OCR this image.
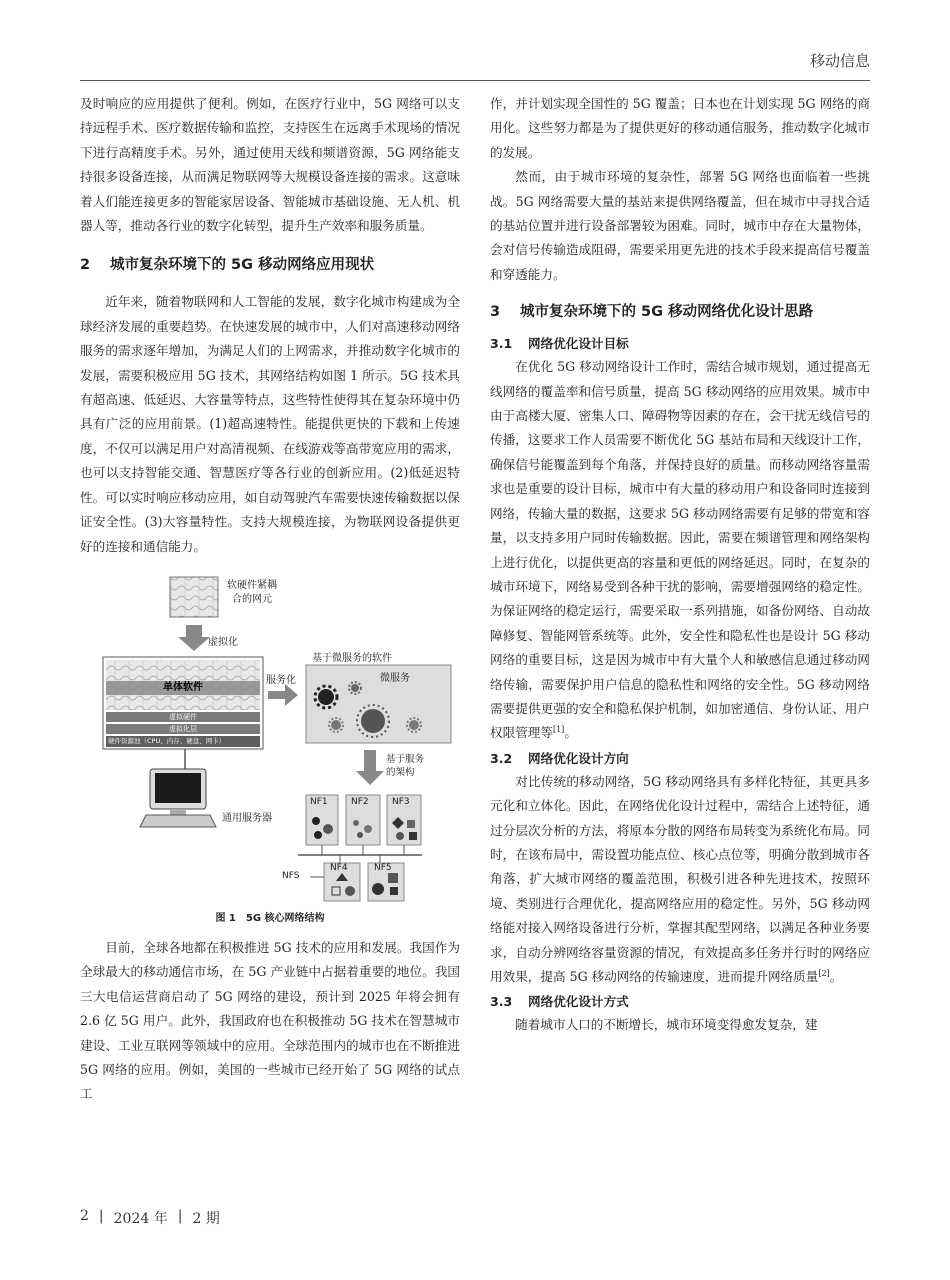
移动信息

及时响应的应用提供了便利。例如，在医疗行业中，5G 网络可以支持远程手术、医疗数据传输和监控，支持医生在远离手术现场的情况下进行高精度手术。另外，通过使用天线和频谱资源，5G 网络能支持很多设备连接，从而满足物联网等大规模设备连接的需求。这意味着人们能连接更多的智能家居设备、智能城市基础设施、无人机、机器人等，推动各行业的数字化转型，提升生产效率和服务质量。

2	城市复杂环境下的 5G 移动网络应用现状

近年来，随着物联网和人工智能的发展，数字化城市构建成为全球经济发展的重要趋势。在快速发展的城市中，人们对高速移动网络服务的需求逐年增加，为满足人们的上网需求，并推动数字化城市的发展，需要积极应用 5G 技术，其网络结构如图 1 所示。5G 技术具有超高速、低延迟、大容量等特点，这些特性使得其在复杂环境中仍具有广泛的应用前景。(1)超高速特性。能提供更快的下载和上传速度，不仅可以满足用户对高清视频、在线游戏等高带宽应用的需求，也可以支持智能交通、智慧医疗等各行业的创新应用。(2)低延迟特性。可以实时响应移动应用，如自动驾驶汽车需要快速传输数据以保证安全性。(3)大容量特性。支持大规模连接，为物联网设备提供更好的连接和通信能力。

软硬件紧耦
合的网元
虚拟化
单体软件
虚拟硬件
虚拟化层
硬件资源池（CPU、内存、硬盘、网卡）
通用服务器
服务化
基于微服务的软件
微服务
基于服务
的架构
NF1	NF2	NF3
NF4	NF5
NFS
图 1　5G 核心网络结构

目前，全球各地都在积极推进 5G 技术的应用和发展。我国作为全球最大的移动通信市场，在 5G 产业链中占据着重要的地位。我国三大电信运营商启动了 5G 网络的建设，预计到 2025 年将会拥有 2.6 亿 5G 用户。此外，我国政府也在积极推动 5G 技术在智慧城市建设、工业互联网等领域中的应用。全球范围内的城市也在不断推进 5G 网络的应用。例如，美国的一些城市已经开始了 5G 网络的试点工

作，并计划实现全国性的 5G 覆盖；日本也在计划实现 5G 网络的商用化。这些努力都是为了提供更好的移动通信服务，推动数字化城市的发展。

然而，由于城市环境的复杂性，部署 5G 网络也面临着一些挑战。5G 网络需要大量的基站来提供网络覆盖，但在城市中寻找合适的基站位置并进行设备部署较为困难。同时，城市中存在大量物体，会对信号传输造成阻碍，需要采用更先进的技术手段来提高信号覆盖和穿透能力。

3	城市复杂环境下的 5G 移动网络优化设计思路
3.1	网络优化设计目标

在优化 5G 移动网络设计工作时，需结合城市规划，通过提高无线网络的覆盖率和信号质量，提高 5G 移动网络的应用效果。城市中由于高楼大厦、密集人口、障碍物等因素的存在，会干扰无线信号的传播，这要求工作人员需要不断优化 5G 基站布局和天线设计工作，确保信号能覆盖到每个角落，并保持良好的质量。而移动网络容量需求也是重要的设计目标，城市中有大量的移动用户和设备同时连接到网络，传输大量的数据，这要求 5G 移动网络需要有足够的带宽和容量，以支持多用户同时传输数据。因此，需要在频谱管理和网络架构上进行优化，以提供更高的容量和更低的网络延迟。同时，在复杂的城市环境下，网络易受到各种干扰的影响，需要增强网络的稳定性。为保证网络的稳定运行，需要采取一系列措施，如备份网络、自动故障修复、智能网管系统等。此外，安全性和隐私性也是设计 5G 移动网络的重要目标，这是因为城市中有大量个人和敏感信息通过移动网络传输，需要保护用户信息的隐私性和网络的安全性。5G 移动网络需要提供更强的安全和隐私保护机制，如加密通信、身份认证、用户权限管理等[1]。

3.2	网络优化设计方向

对比传统的移动网络，5G 移动网络具有多样化特征，其更具多元化和立体化。因此，在网络优化设计过程中，需结合上述特征，通过分层次分析的方法，将原本分散的网络布局转变为系统化布局。同时，在该布局中，需设置功能点位、核心点位等，明确分散到城市各角落，扩大城市网络的覆盖范围，积极引进各种先进技术，按照环境、类别进行合理优化，提高网络应用的稳定性。另外，5G 移动网络能对接入网络设备进行分析，掌握其配型网络，以满足各种业务要求，自动分辨网络容量资源的情况，有效提高多任务并行时的网络应用效果，提高 5G 移动网络的传输速度，进而提升网络质量[2]。

3.3	网络优化设计方式

随着城市人口的不断增长，城市环境变得愈发复杂，建

2 | 2024 年 | 2 期
